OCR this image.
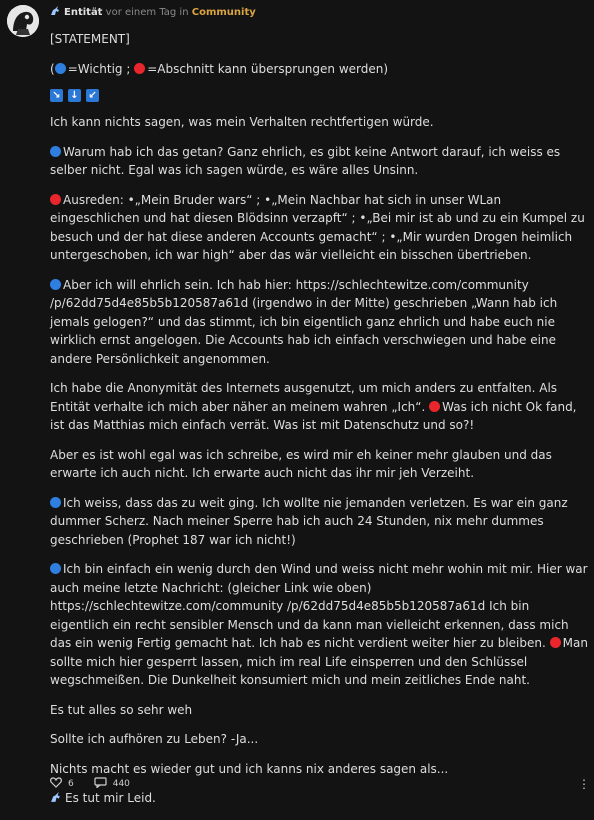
Entität vor einem Tag in Community

[STATEMENT]

( =Wichtig ; =Abschnitt kann übersprungen werden)

↘ ↓ ↙

Ich kann nichts sagen, was mein Verhalten rechtfertigen würde.

Warum hab ich das getan? Ganz ehrlich, es gibt keine Antwort darauf, ich weiss es selber nicht. Egal was ich sagen würde, es wäre alles Unsinn.

Ausreden: •„Mein Bruder wars“ ; •„Mein Nachbar hat sich in unser WLan eingeschlichen und hat diesen Blödsinn verzapft“ ; •„Bei mir ist ab und zu ein Kumpel zu besuch und der hat diese anderen Accounts gemacht“ ; •„Mir wurden Drogen heimlich untergeschoben, ich war high“ aber das wär vielleicht ein bisschen übertrieben.

Aber ich will ehrlich sein. Ich hab hier: https://schlechtewitze.com/community /p/62dd75d4e85b5b120587a61d (irgendwo in der Mitte) geschrieben „Wann hab ich jemals gelogen?“ und das stimmt, ich bin eigentlich ganz ehrlich und habe euch nie wirklich ernst angelogen. Die Accounts hab ich einfach verschwiegen und habe eine andere Persönlichkeit angenommen.

Ich habe die Anonymität des Internets ausgenutzt, um mich anders zu entfalten. Als Entität verhalte ich mich aber näher an meinem wahren „Ich“. Was ich nicht Ok fand, ist das Matthias mich einfach verrät. Was ist mit Datenschutz und so?!

Aber es ist wohl egal was ich schreibe, es wird mir eh keiner mehr glauben und das erwarte ich auch nicht. Ich erwarte auch nicht das ihr mir jeh Verzeiht.

Ich weiss, dass das zu weit ging. Ich wollte nie jemanden verletzen. Es war ein ganz dummer Scherz. Nach meiner Sperre hab ich auch 24 Stunden, nix mehr dummes geschrieben (Prophet 187 war ich nicht!)

Ich bin einfach ein wenig durch den Wind und weiss nicht mehr wohin mit mir. Hier war auch meine letzte Nachricht: (gleicher Link wie oben) https://schlechtewitze.com/community /p/62dd75d4e85b5b120587a61d Ich bin eigentlich ein recht sensibler Mensch und da kann man vielleicht erkennen, dass mich das ein wenig Fertig gemacht hat. Ich hab es nicht verdient weiter hier zu bleiben. Man sollte mich hier gesperrt lassen, mich im real Life einsperren und den Schlüssel wegschmeißen. Die Dunkelheit konsumiert mich und mein zeitliches Ende naht.

Es tut alles so sehr weh

Sollte ich aufhören zu Leben? -Ja...

Nichts macht es wieder gut und ich kanns nix anderes sagen als...

Es tut mir Leid.

6	440	⋮
